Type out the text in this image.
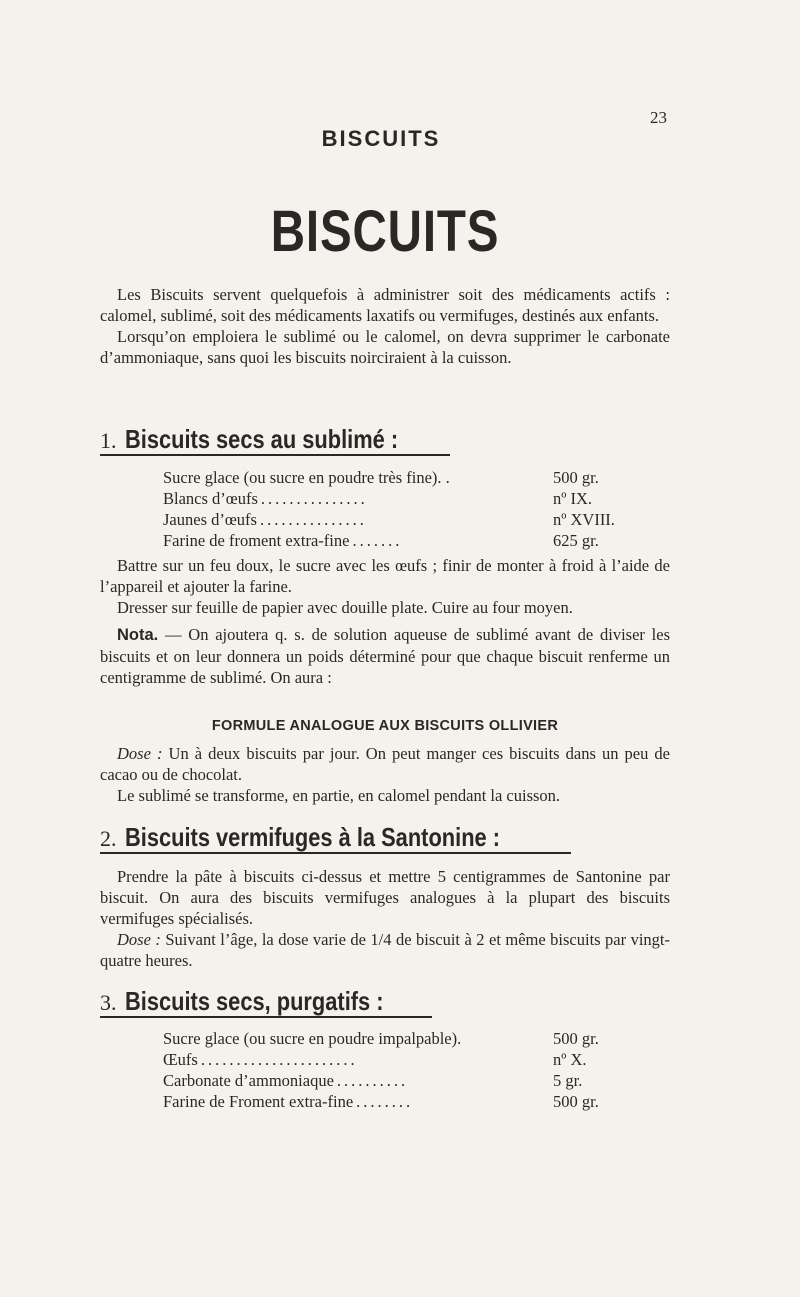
23
BISCUITS
BISCUITS

Les Biscuits servent quelquefois à administrer soit des médicaments actifs : calomel, sublimé, soit des médicaments laxatifs ou vermifuges, destinés aux enfants.

Lorsqu’on emploiera le sublimé ou le calomel, on devra supprimer le carbonate d’ammoniaque, sans quoi les biscuits noirciraient à la cuisson.

1. Biscuits secs au sublimé :
Sucre glace (ou sucre en poudre très fine). .	500 gr.
Blancs d’œufs ...............	nº IX.
Jaunes d’œufs ...............	nº XVIII.
Farine de froment extra-fine .......	625 gr.

Battre sur un feu doux, le sucre avec les œufs ; finir de monter à froid à l’aide de l’appareil et ajouter la farine.

Dresser sur feuille de papier avec douille plate. Cuire au four moyen.

Nota. — On ajoutera q. s. de solution aqueuse de sublimé avant de diviser les biscuits et on leur donnera un poids déterminé pour que chaque biscuit renferme un centigramme de sublimé. On aura :

FORMULE ANALOGUE AUX BISCUITS OLLIVIER

Dose : Un à deux biscuits par jour. On peut manger ces biscuits dans un peu de cacao ou de chocolat.

Le sublimé se transforme, en partie, en calomel pendant la cuisson.

2. Biscuits vermifuges à la Santonine :

Prendre la pâte à biscuits ci-dessus et mettre 5 centigrammes de Santonine par biscuit. On aura des biscuits vermifuges analogues à la plupart des biscuits vermifuges spécialisés.

Dose : Suivant l’âge, la dose varie de 1/4 de biscuit à 2 et même biscuits par vingt-quatre heures.

3. Biscuits secs, purgatifs :
Sucre glace (ou sucre en poudre impalpable).	500 gr.
Œufs ......................	nº X.
Carbonate d’ammoniaque ..........	5 gr.
Farine de Froment extra-fine ........	500 gr.
